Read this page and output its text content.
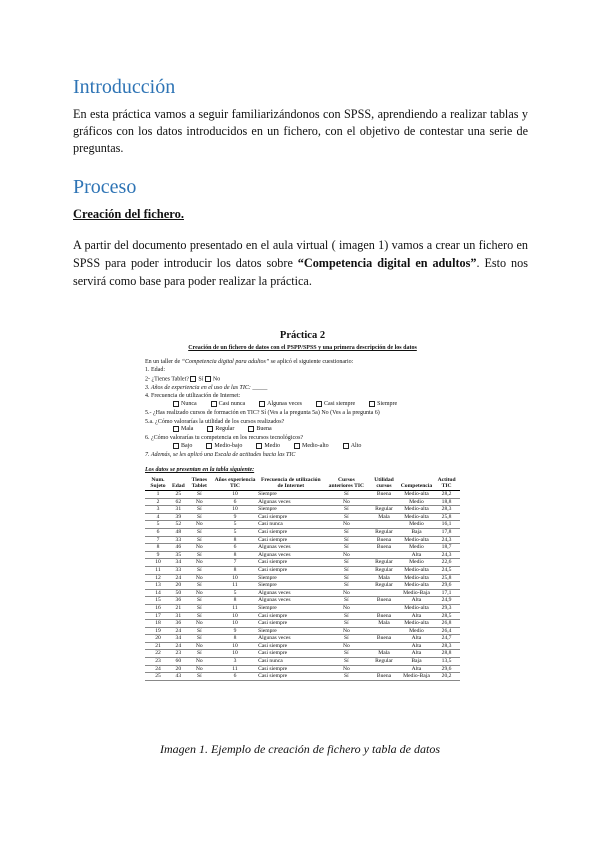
Introducción

En esta práctica vamos a seguir familiarizándonos con SPSS, aprendiendo a realizar tablas y gráficos con los datos introducidos en un fichero, con el objetivo de contestar una serie de preguntas.

Proceso

Creación del fichero.

A partir del documento presentado en el aula virtual ( imagen 1) vamos a crear un fichero en SPSS para poder introducir los datos sobre “Competencia digital en adultos”. Esto nos servirá como base para poder realizar la práctica.

Práctica 2
Creación de un fichero de datos con el PSPP/SPSS y una primera descripción de los datos
En un taller de “Competencia digital para adultos” se aplicó el siguiente cuestionario:
1. Edad:
2- ¿Tienes Tablet? Sí No
3. Años de experiencia en el uso de las TIC: _____
4. Frecuencia de utilización de Internet:
Nunca	Casi nunca	Algunas veces	Casi siempre	Siempre
5.- ¿Has realizado cursos de formación en TIC? Sí (Ves a la pregunta 5a) No (Ves a la pregunta 6)
5.a. ¿Cómo valorarías la utilidad de los cursos realizados?
Mala	Regular	Buena
6. ¿Cómo valorarías tu competencia en los recursos tecnológicos?
Bajo	Medio-bajo	Medio	Medio-alto	Alto
7. Además, se les aplicó una Escala de actitudes hacia las TIC
Los datos se presentan en la tabla siguiente:
Num. Sujeto	Edad	Tienes Tablet	Años experiencia TIC	Frecuencia de utilización de Internet	Cursos anteriores TIC	Utilidad cursos	Competencia	Actitud TIC
1	25	Sí	10	Siempre	Sí	Buena	Medio-alta	28,2
2	62	No	6	Algunas veces	No		Medio	18,8
3	31	Sí	10	Siempre	Sí	Regular	Medio-alta	28,3
4	39	Sí	9	Casi siempre	Sí	Mala	Medio-alta	25,8
5	52	No	5	Casi nunca	No		Medio	16,1
6	48	Sí	5	Casi siempre	Sí	Regular	Baja	17,8
7	33	Sí	8	Casi siempre	Sí	Buena	Medio-alta	24,3
8	46	No	6	Algunas veces	Sí	Buena	Medio	18,7
9	35	Sí	8	Algunas veces	No		Alta	24,3
10	34	No	7	Casi siempre	Sí	Regular	Medio	22,6
11	33	Sí	8	Casi siempre	Sí	Regular	Medio-alta	24,5
12	24	No	10	Siempre	Sí	Mala	Medio-alta	25,8
13	20	Sí	11	Siempre	Sí	Regular	Medio-alta	29,6
14	50	No	5	Algunas veces	No		Medio-Baja	17,1
15	36	Sí	8	Algunas veces	Sí	Buena	Alta	24,9
16	21	Sí	11	Siempre	No		Medio-alta	29,3
17	31	Sí	10	Casi siempre	Sí	Buena	Alta	28,5
18	36	No	10	Casi siempre	Sí	Mala	Medio-alta	26,8
19	24	Sí	9	Siempre	No		Medio	26,4
20	34	Sí	8	Algunas veces	Sí	Buena	Alta	24,7
21	24	No	10	Casi siempre	No		Alta	28,3
22	23	Sí	10	Casi siempre	Sí	Mala	Alta	28,8
23	60	No	3	Casi nunca	Sí	Regular	Baja	13,5
24	20	No	11	Casi siempre	No		Alta	29,6
25	43	Sí	6	Casi siempre	Sí	Buena	Medio-Baja	20,2

Imagen 1. Ejemplo de creación de fichero y tabla de datos
